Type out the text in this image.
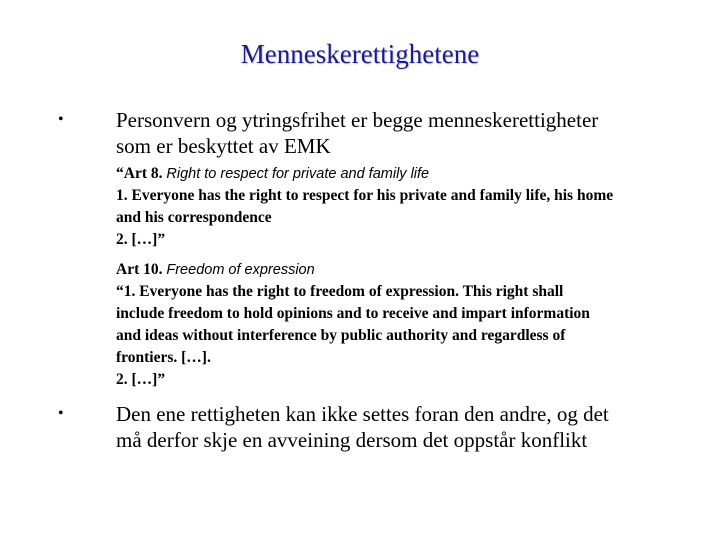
Menneskerettighetene
• Personvern og ytringsfrihet er begge menneskerettigheter
som er beskyttet av EMK
“Art 8. Right to respect for private and family life
1. Everyone has the right to respect for his private and family life, his home
and his correspondence
2. […]”
Art 10. Freedom of expression
“1. Everyone has the right to freedom of expression. This right shall
include freedom to hold opinions and to receive and impart information
and ideas without interference by public authority and regardless of
frontiers. […].
2. […]”
• Den ene rettigheten kan ikke settes foran den andre, og det
må derfor skje en avveining dersom det oppstår konflikt
